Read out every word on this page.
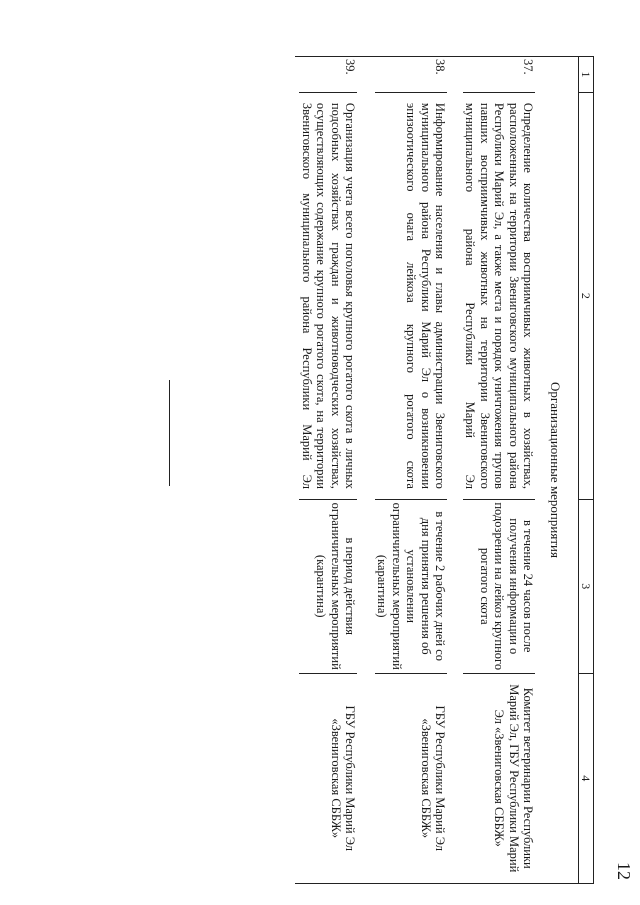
12
1
2
3
4
Организационные мероприятия
37.

Определение количества восприимчивых животных в хозяйствах, расположенных на территории Звениговского муниципального района Республики Марий Эл, а также места и порядок уничтожения трупов павших восприимчивых животных на территории Звениговского муниципального района Республики Марий Эл

в течение 24 часов после получения информации о подозрении на лейкоз крупного рогатого скота
Комитет ветеринарии Республики Марий Эл, ГБУ Республики Марий Эл «Звениговская СББЖ»
38.

Информирование населения и главы администрации Звениговского муниципального района Республики Марий Эл о возникновении эпизоотического очага лейкоза крупного рогатого скота

в течение 2 рабочих дней со дня принятия решения об установлении ограничительных мероприятий (карантина)
ГБУ Республики Марий Эл «Звениговская СББЖ»
39.

Организация учета всего поголовья крупного рогатого скота в личных подсобных хозяйствах граждан и животноводческих хозяйствах, осуществляющих содержание крупного рогатого скота, на территории Звениговского муниципального района Республики Марий Эл

в период действия ограничительных мероприятий (карантина)
ГБУ Республики Марий Эл «Звениговская СББЖ»
